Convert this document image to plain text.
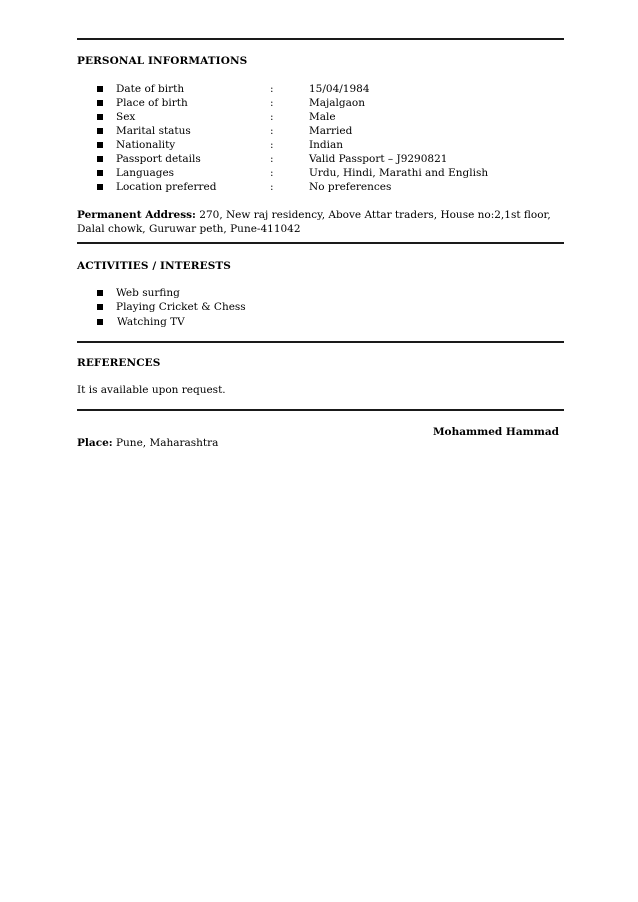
PERSONAL INFORMATIONS
Date of birth	:	15/04/1984
Place of birth	:	Majalgaon
Sex	:	Male
Marital status	:	Married
Nationality	:	Indian
Passport details	:	Valid Passport – J9290821
Languages	:	Urdu, Hindi, Marathi and English
Location preferred	:	No preferences
Permanent Address: 270, New raj residency, Above Attar traders, House no:2,1st floor, Dalal chowk, Guruwar peth, Pune-411042
ACTIVITIES / INTERESTS
Web surfing
Playing Cricket & Chess
Watching TV
REFERENCES
It is available upon request.
Mohammed Hammad
Place: Pune, Maharashtra
